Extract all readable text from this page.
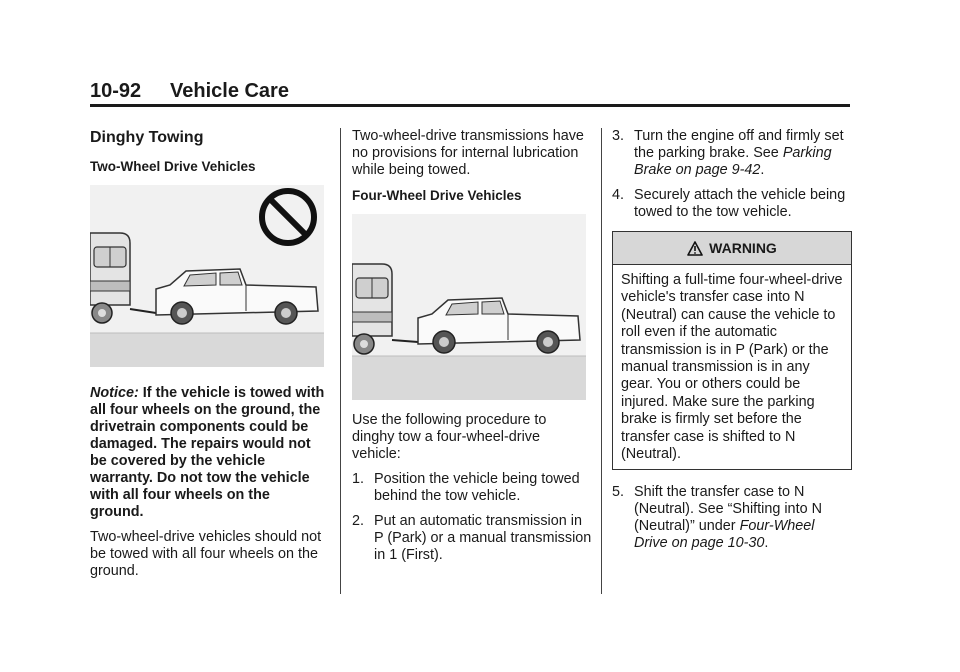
10-92 Vehicle Care
Dinghy Towing
Two-Wheel Drive Vehicles

Notice: If the vehicle is towed with all four wheels on the ground, the drivetrain components could be damaged. The repairs would not be covered by the vehicle warranty. Do not tow the vehicle with all four wheels on the ground.

Two-wheel-drive vehicles should not be towed with all four wheels on the ground.

Two-wheel-drive transmissions have no provisions for internal lubrication while being towed.

Four-Wheel Drive Vehicles

Use the following procedure to dinghy tow a four-wheel-drive vehicle:

1. Position the vehicle being towed behind the tow vehicle.
2. Put an automatic transmission in P (Park) or a manual transmission in 1 (First).
3. Turn the engine off and firmly set the parking brake. See Parking Brake on page 9-42.
4. Securely attach the vehicle being towed to the tow vehicle.
WARNING
Shifting a full-time four-wheel-drive vehicle's transfer case into N (Neutral) can cause the vehicle to roll even if the automatic transmission is in P (Park) or the manual transmission is in any gear. You or others could be injured. Make sure the parking brake is firmly set before the transfer case is shifted to N (Neutral).
5. Shift the transfer case to N (Neutral). See “Shifting into N (Neutral)” under Four-Wheel Drive on page 10-30.
